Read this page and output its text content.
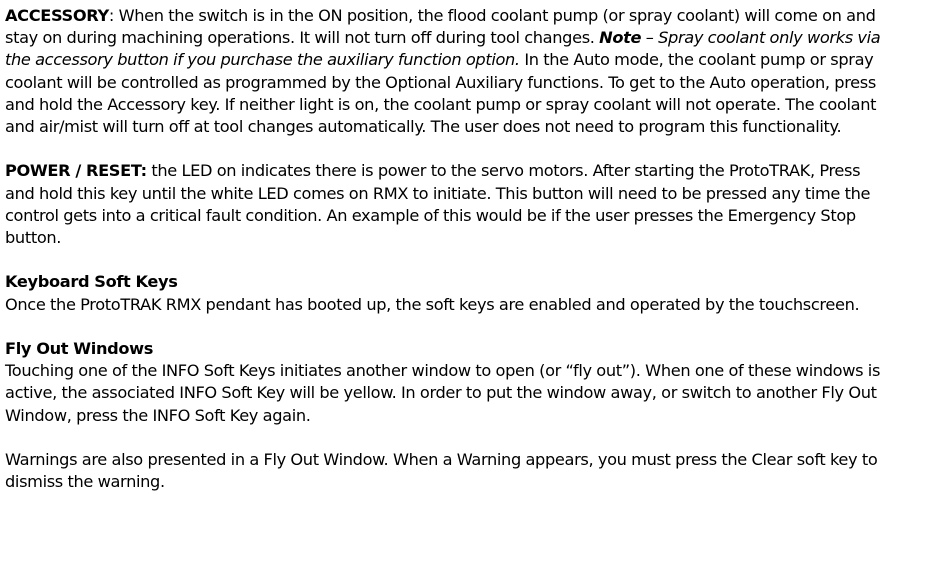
ACCESSORY: When the switch is in the ON position, the flood coolant pump (or spray coolant) will come on and stay on during machining operations. It will not turn off during tool changes. Note – Spray coolant only works via the accessory button if you purchase the auxiliary function option. In the Auto mode, the coolant pump or spray coolant will be controlled as programmed by the Optional Auxiliary functions. To get to the Auto operation, press and hold the Accessory key. If neither light is on, the coolant pump or spray coolant will not operate. The coolant and air/mist will turn off at tool changes automatically. The user does not need to program this functionality.

POWER / RESET: the LED on indicates there is power to the servo motors. After starting the ProtoTRAK, Press and hold this key until the white LED comes on RMX to initiate. This button will need to be pressed any time the control gets into a critical fault condition. An example of this would be if the user presses the Emergency Stop button.

Keyboard Soft Keys

Once the ProtoTRAK RMX pendant has booted up, the soft keys are enabled and operated by the touchscreen.

Fly Out Windows

Touching one of the INFO Soft Keys initiates another window to open (or “fly out”). When one of these windows is active, the associated INFO Soft Key will be yellow. In order to put the window away, or switch to another Fly Out Window, press the INFO Soft Key again.

Warnings are also presented in a Fly Out Window. When a Warning appears, you must press the Clear soft key to dismiss the warning.
